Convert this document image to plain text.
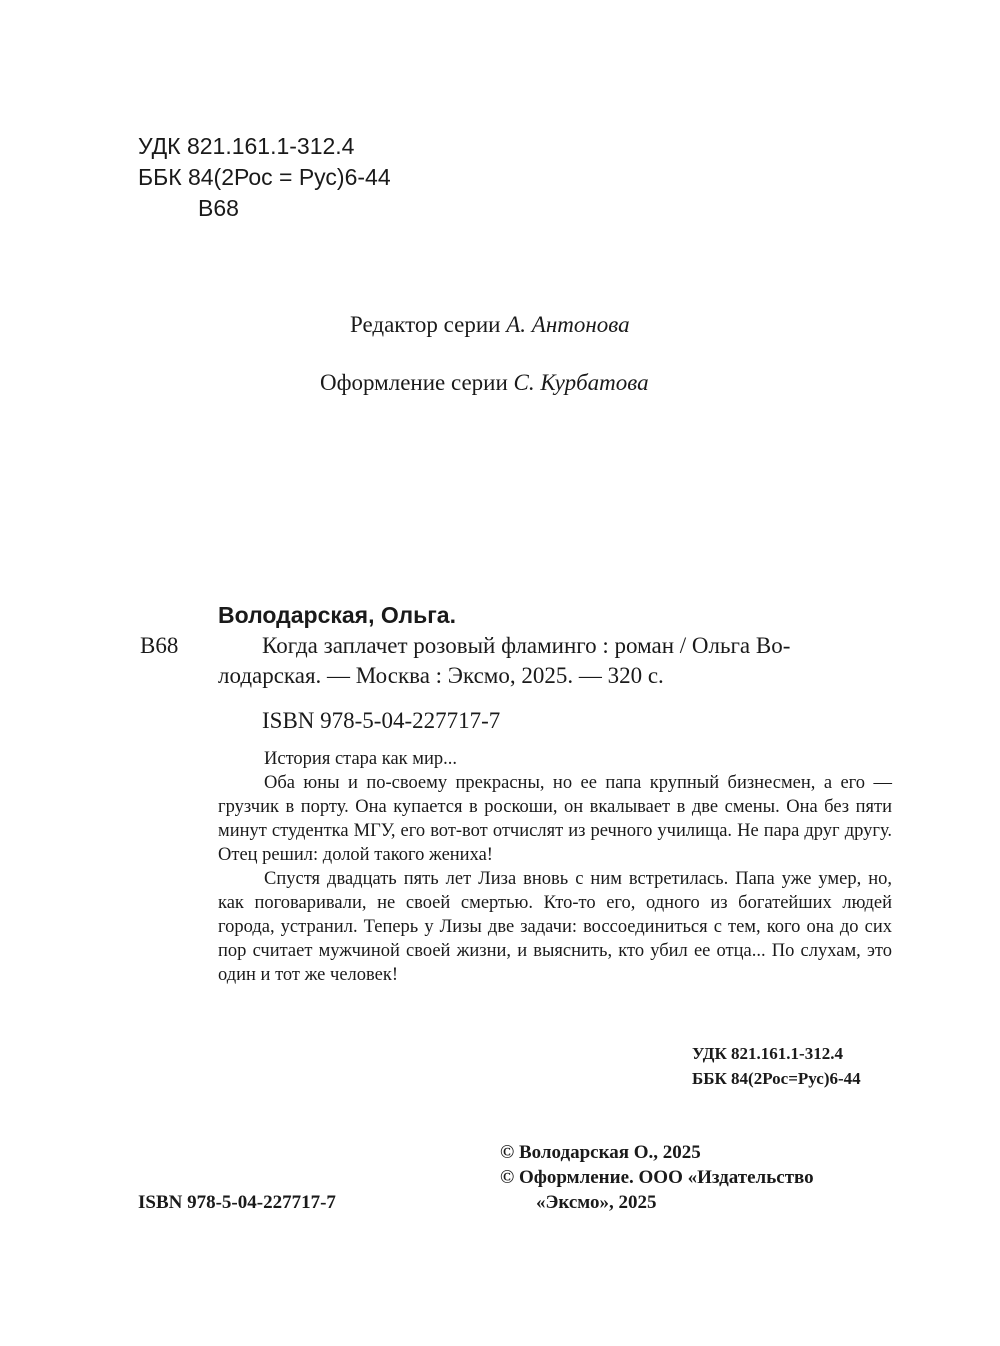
УДК 821.161.1-312.4
ББК 84(2Рос = Рус)6-44
В68
Редактор серии А. Антонова
Оформление серии С. Курбатова
Володарская, Ольга.
В68	Когда заплачет розовый фламинго : роман / Ольга Во-
лодарская. — Москва : Эксмо, 2025. — 320 с.
ISBN 978-5-04-227717-7

История стара как мир...

Оба юны и по-своему прекрасны, но ее папа крупный бизнесмен, а его — грузчик в порту. Она купается в роскоши, он вкалывает в две смены. Она без пяти минут студентка МГУ, его вот-вот отчислят из речного училища. Не пара друг другу. Отец решил: долой такого жениха!

Спустя двадцать пять лет Лиза вновь с ним встретилась. Папа уже умер, но, как поговаривали, не своей смертью. Кто-то его, одного из богатейших людей города, устранил. Теперь у Лизы две задачи: воссоединиться с тем, кого она до сих пор считает мужчиной своей жизни, и выяснить, кто убил ее отца... По слухам, это один и тот же человек!

УДК 821.161.1-312.4
ББК 84(2Рос=Рус)6-44
© Володарская О., 2025
© Оформление. ООО «Издательство
«Эксмо», 2025
ISBN 978-5-04-227717-7
